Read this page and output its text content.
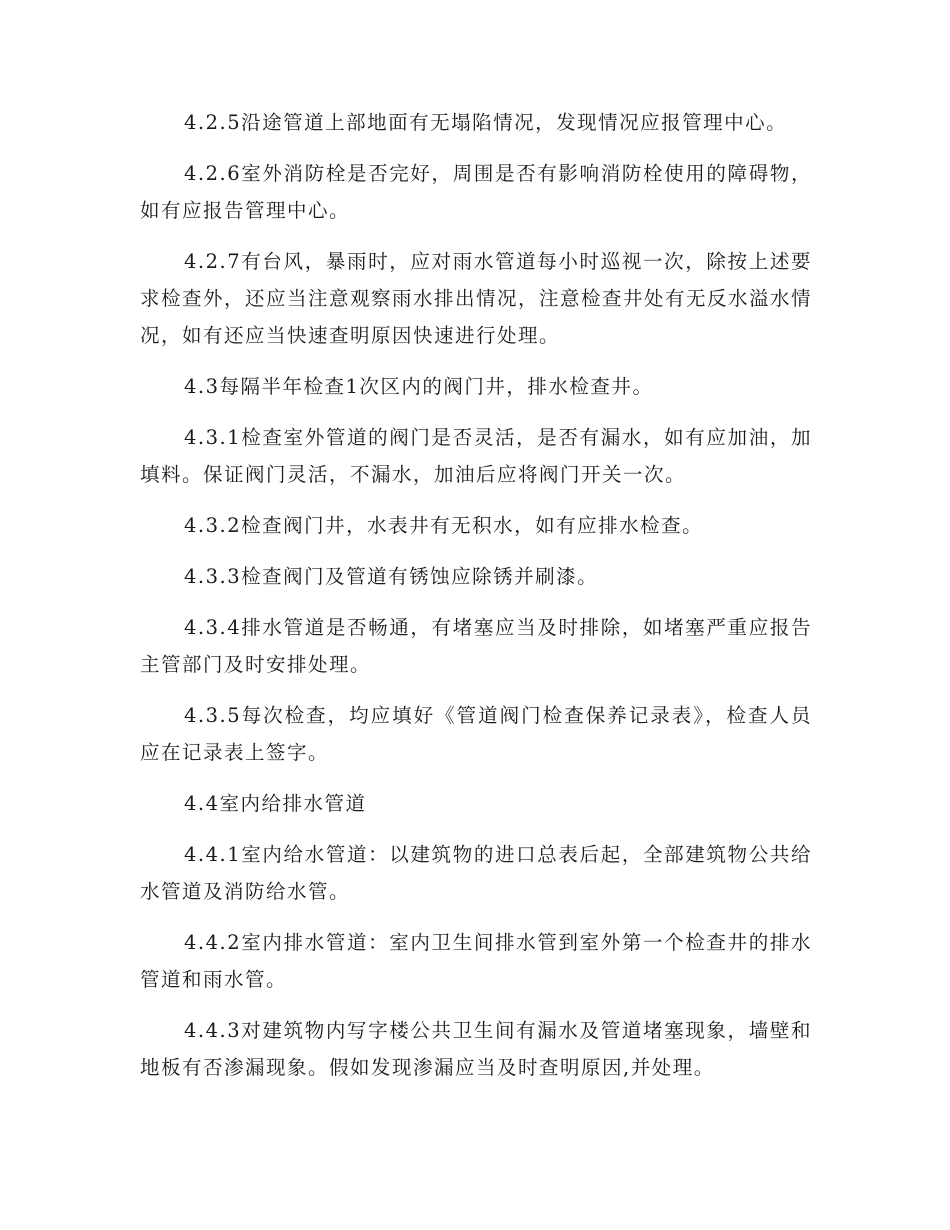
4.2.5沿途管道上部地面有无塌陷情况，发现情况应报管理中心。

4.2.6室外消防栓是否完好，周围是否有影响消防栓使用的障碍物，如有应报告管理中心。

4.2.7有台风，暴雨时，应对雨水管道每小时巡视一次，除按上述要求检查外，还应当注意观察雨水排出情况，注意检查井处有无反水溢水情况，如有还应当快速查明原因快速进行处理。

4.3每隔半年检查1次区内的阀门井，排水检查井。

4.3.1检查室外管道的阀门是否灵活，是否有漏水，如有应加油，加填料。保证阀门灵活，不漏水，加油后应将阀门开关一次。

4.3.2检查阀门井，水表井有无积水，如有应排水检查。

4.3.3检查阀门及管道有锈蚀应除锈并刷漆。

4.3.4排水管道是否畅通，有堵塞应当及时排除，如堵塞严重应报告主管部门及时安排处理。

4.3.5每次检查，均应填好《管道阀门检查保养记录表》，检查人员应在记录表上签字。

4.4室内给排水管道

4.4.1室内给水管道：以建筑物的进口总表后起，全部建筑物公共给水管道及消防给水管。

4.4.2室内排水管道：室内卫生间排水管到室外第一个检查井的排水管道和雨水管。

4.4.3对建筑物内写字楼公共卫生间有漏水及管道堵塞现象，墙壁和地板有否渗漏现象。假如发现渗漏应当及时查明原因,并处理。
